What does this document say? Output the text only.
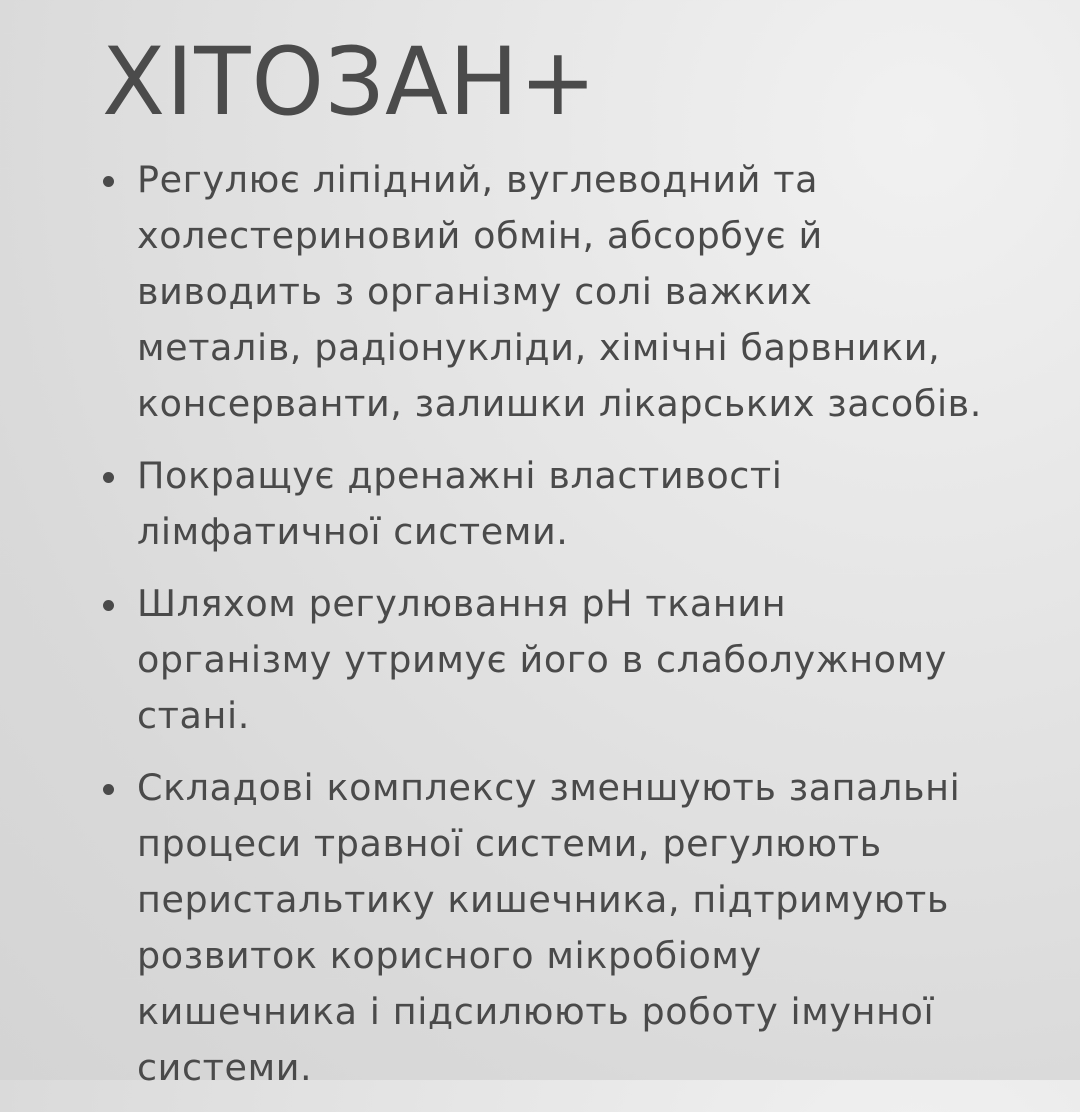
ХІТОЗАН+
Регулює ліпідний, вуглеводний та
холестериновий обмін, абсорбує й
виводить з організму солі важких
металів, радіонукліди, хімічні барвники,
консерванти, залишки лікарських засобів.
Покращує дренажні властивості
лімфатичної системи.
Шляхом регулювання pH тканин
організму утримує його в слаболужному
стані.
Складові комплексу зменшують запальні
процеси травної системи, регулюють
перистальтику кишечника, підтримують
розвиток корисного мікробіому
кишечника і підсилюють роботу імунної
системи.
